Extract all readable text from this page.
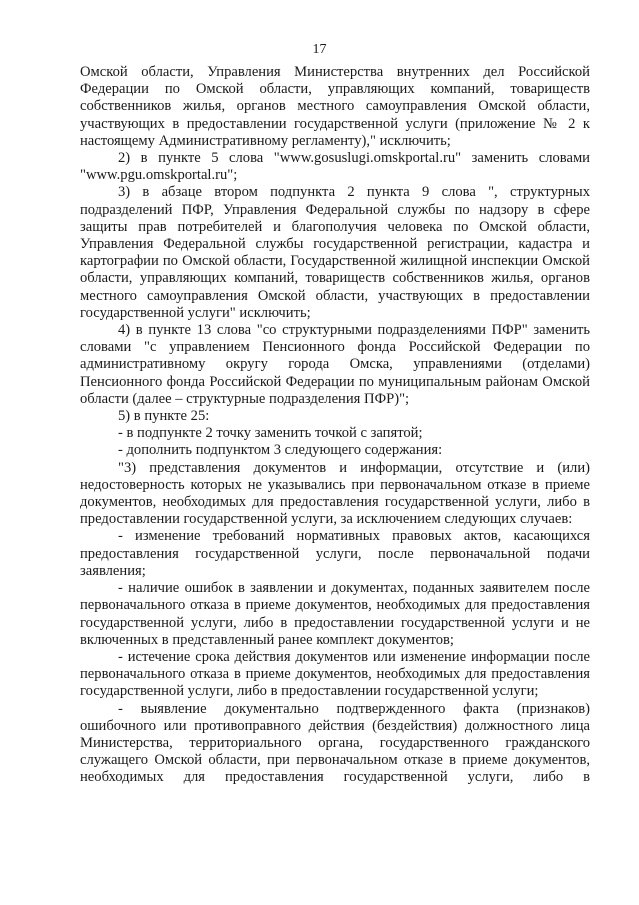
17

Омской области, Управления Министерства внутренних дел Российской Федерации по Омской области, управляющих компаний, товариществ собственников жилья, органов местного самоуправления Омской области, участвующих в предоставлении государственной услуги (приложение № 2 к настоящему Административному регламенту)," исключить;

2) в пункте 5 слова "www.gosuslugi.omskportal.ru" заменить словами "www.pgu.omskportal.ru";

3) в абзаце втором подпункта 2 пункта 9 слова ", структурных подразделений ПФР, Управления Федеральной службы по надзору в сфере защиты прав потребителей и благополучия человека по Омской области, Управления Федеральной службы государственной регистрации, кадастра и картографии по Омской области, Государственной жилищной инспекции Омской области, управляющих компаний, товариществ собственников жилья, органов местного самоуправления Омской области, участвующих в предоставлении государственной услуги" исключить;

4) в пункте 13 слова "со структурными подразделениями ПФР" заменить словами "с управлением Пенсионного фонда Российской Федерации по административному округу города Омска, управлениями (отделами) Пенсионного фонда Российской Федерации по муниципальным районам Омской области (далее – структурные подразделения ПФР)";

5) в пункте 25:

- в подпункте 2 точку заменить точкой с запятой;

- дополнить подпунктом 3 следующего содержания:

"3) представления документов и информации, отсутствие и (или) недостоверность которых не указывались при первоначальном отказе в приеме документов, необходимых для предоставления государственной услуги, либо в предоставлении государственной услуги, за исключением следующих случаев:

- изменение требований нормативных правовых актов, касающихся предоставления государственной услуги, после первоначальной подачи заявления;

- наличие ошибок в заявлении и документах, поданных заявителем после первоначального отказа в приеме документов, необходимых для предоставления государственной услуги, либо в предоставлении государственной услуги и не включенных в представленный ранее комплект документов;

- истечение срока действия документов или изменение информации после первоначального отказа в приеме документов, необходимых для предоставления государственной услуги, либо в предоставлении государственной услуги;

- выявление документально подтвержденного факта (признаков) ошибочного или противоправного действия (бездействия) должностного лица Министерства, территориального органа, государственного гражданского служащего Омской области, при первоначальном отказе в приеме документов, необходимых для предоставления государственной услуги, либо в
